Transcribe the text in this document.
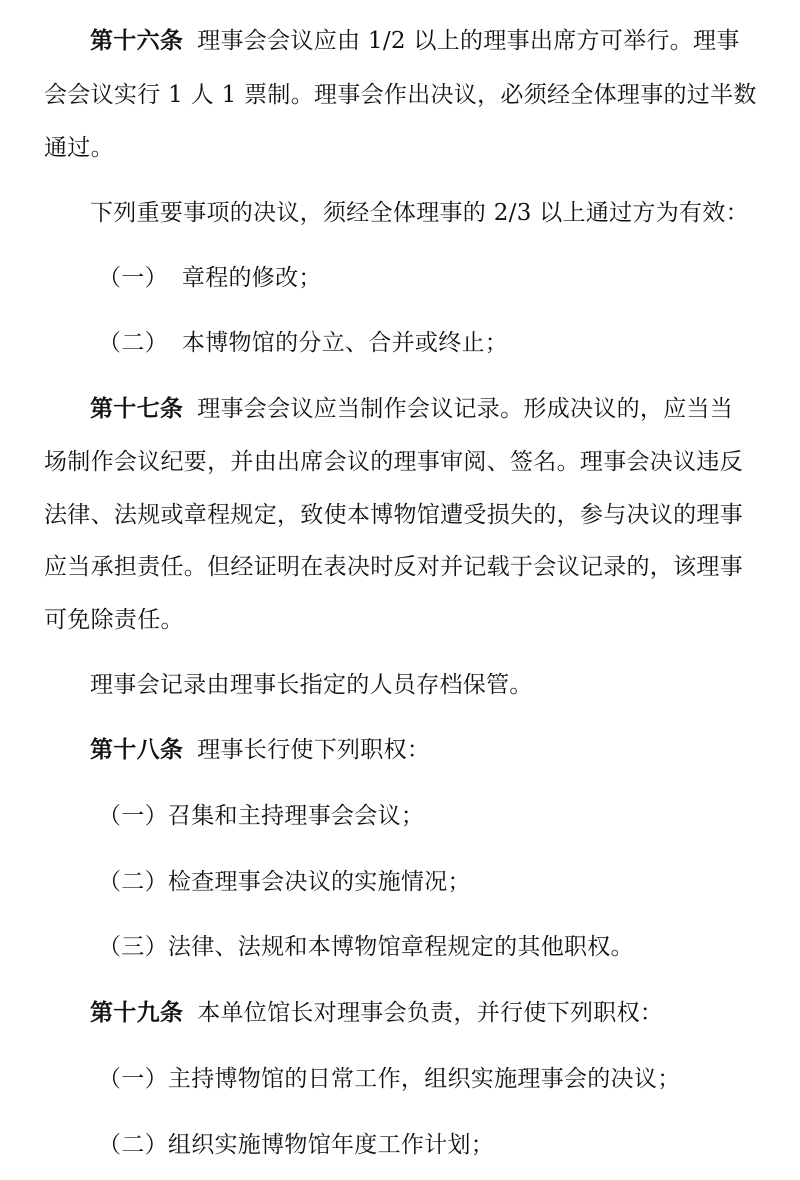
第十六条 理事会会议应由 1/2 以上的理事出席方可举行。理事
会会议实行 1 人 1 票制。理事会作出决议，必须经全体理事的过半数
通过。
下列重要事项的决议，须经全体理事的 2/3 以上通过方为有效：
（一） 章程的修改；
（二） 本博物馆的分立、合并或终止；
第十七条 理事会会议应当制作会议记录。形成决议的，应当当
场制作会议纪要，并由出席会议的理事审阅、签名。理事会决议违反
法律、法规或章程规定，致使本博物馆遭受损失的，参与决议的理事
应当承担责任。但经证明在表决时反对并记载于会议记录的，该理事
可免除责任。
理事会记录由理事长指定的人员存档保管。
第十八条 理事长行使下列职权：
（一）召集和主持理事会会议；
（二）检查理事会决议的实施情况；
（三）法律、法规和本博物馆章程规定的其他职权。
第十九条 本单位馆长对理事会负责，并行使下列职权：
（一）主持博物馆的日常工作，组织实施理事会的决议；
（二）组织实施博物馆年度工作计划；
